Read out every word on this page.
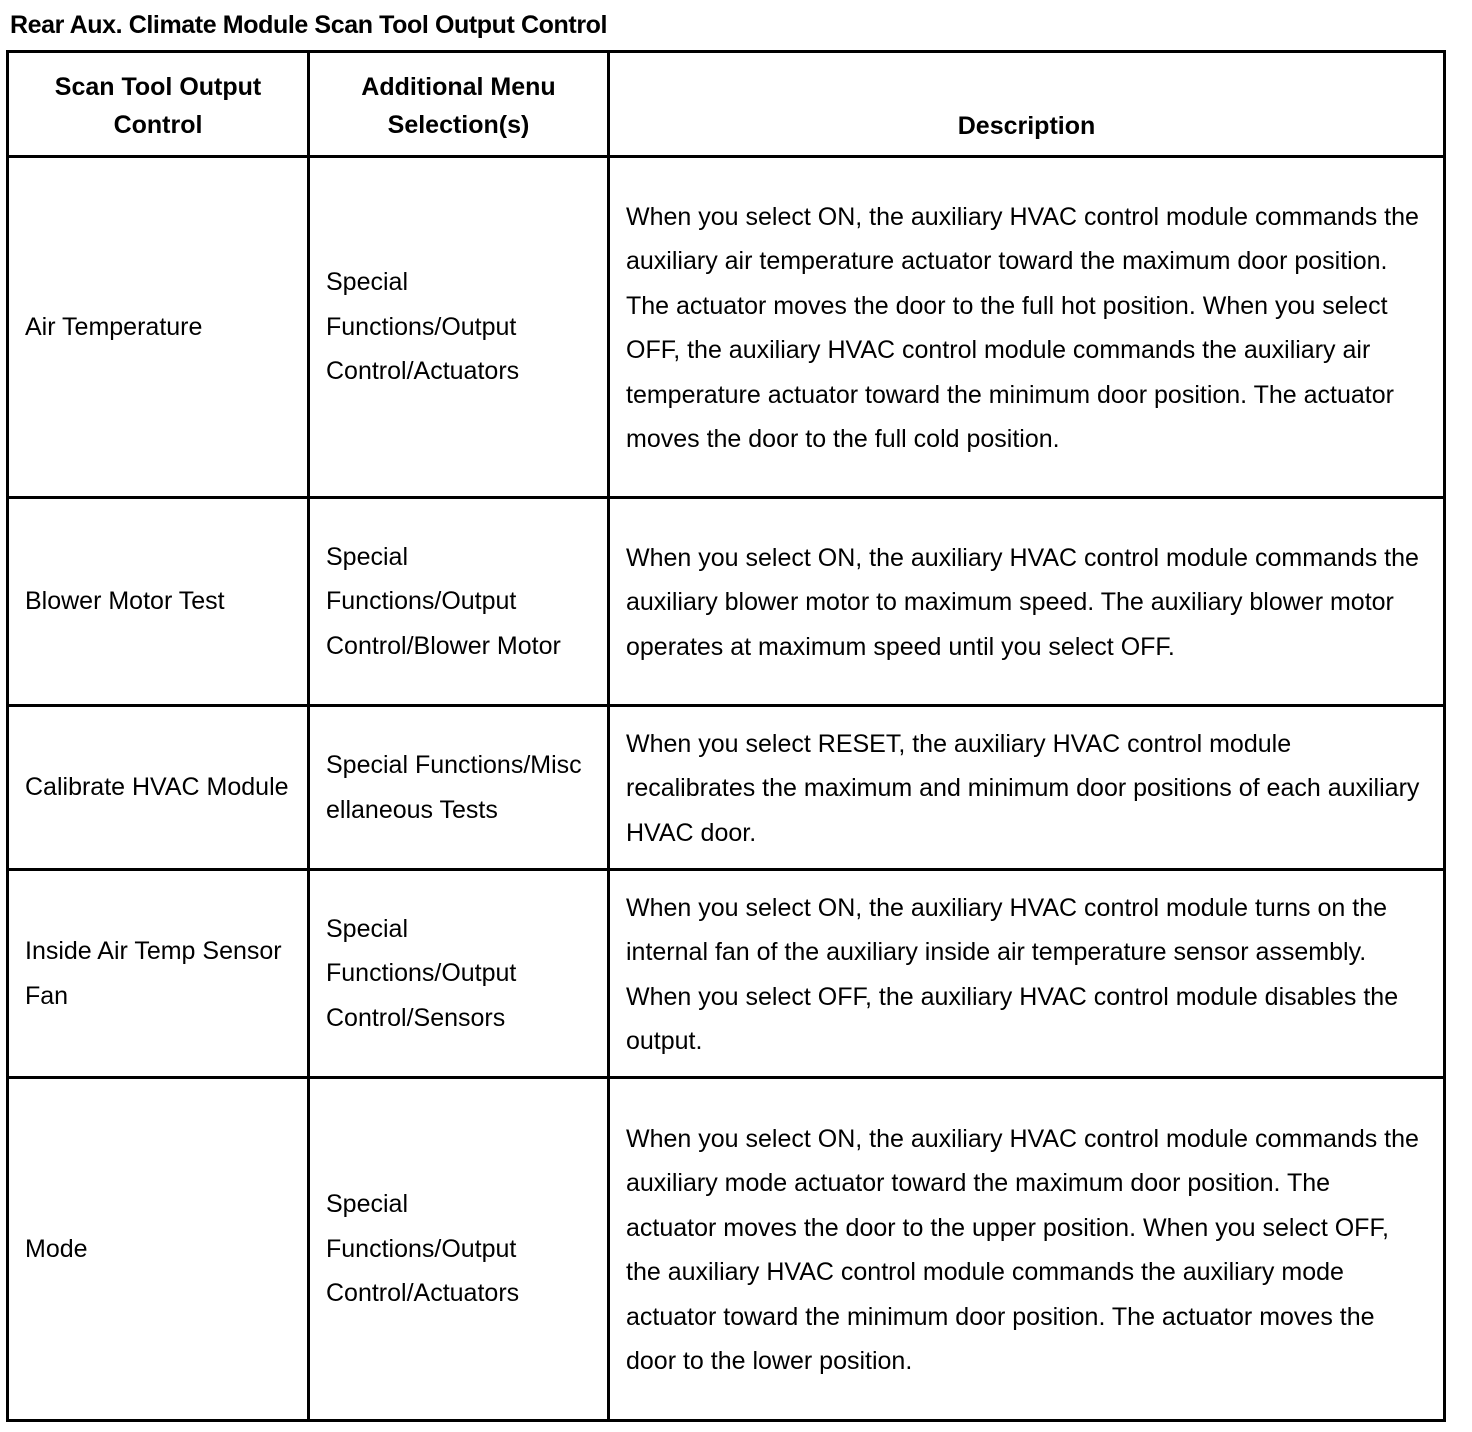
Rear Aux. Climate Module Scan Tool Output Control
Scan Tool Output Control	Additional Menu Selection(s)	Description
Air Temperature	Special Functions/Output Control/Actuators	When you select ON, the auxiliary HVAC control module commands the auxiliary air temperature actuator toward the maximum door position. The actuator moves the door to the full hot position. When you select OFF, the auxiliary HVAC control module commands the auxiliary air temperature actuator toward the minimum door position. The actuator moves the door to the full cold position.
Blower Motor Test	Special Functions/Output Control/Blower Motor	When you select ON, the auxiliary HVAC control module commands the auxiliary blower motor to maximum speed. The auxiliary blower motor operates at maximum speed until you select OFF.
Calibrate HVAC Module	Special Functions/Miscellaneous Tests	When you select RESET, the auxiliary HVAC control module recalibrates the maximum and minimum door positions of each auxiliary HVAC door.
Inside Air Temp Sensor Fan	Special Functions/Output Control/Sensors	When you select ON, the auxiliary HVAC control module turns on the internal fan of the auxiliary inside air temperature sensor assembly. When you select OFF, the auxiliary HVAC control module disables the output.
Mode	Special Functions/Output Control/Actuators	When you select ON, the auxiliary HVAC control module commands the auxiliary mode actuator toward the maximum door position. The actuator moves the door to the upper position. When you select OFF, the auxiliary HVAC control module commands the auxiliary mode actuator toward the minimum door position. The actuator moves the door to the lower position.
